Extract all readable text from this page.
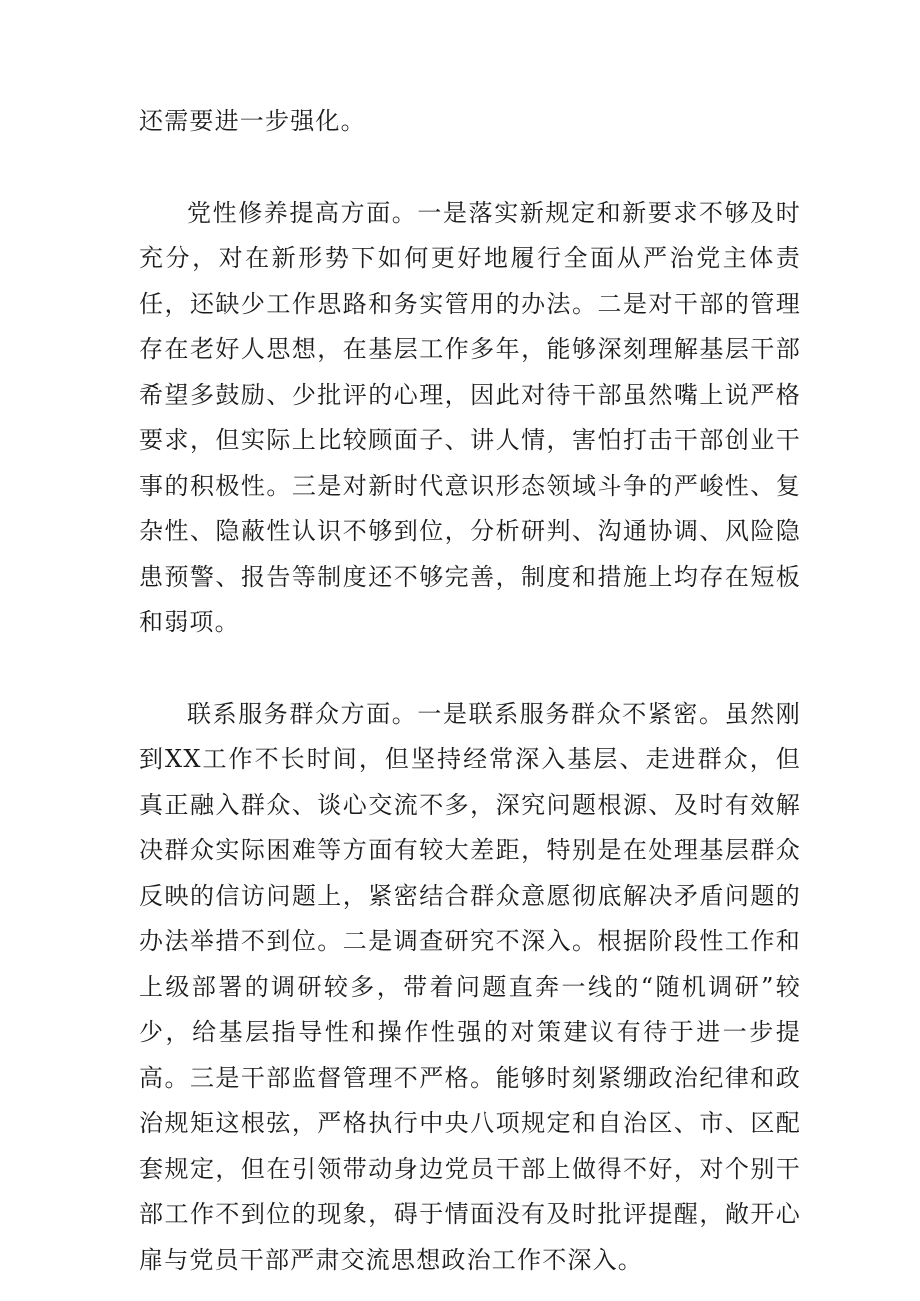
还需要进一步强化。

党性修养提高方面。一是落实新规定和新要求不够及时充分，对在新形势下如何更好地履行全面从严治党主体责任，还缺少工作思路和务实管用的办法。二是对干部的管理存在老好人思想，在基层工作多年，能够深刻理解基层干部希望多鼓励、少批评的心理，因此对待干部虽然嘴上说严格要求，但实际上比较顾面子、讲人情，害怕打击干部创业干事的积极性。三是对新时代意识形态领域斗争的严峻性、复杂性、隐蔽性认识不够到位，分析研判、沟通协调、风险隐患预警、报告等制度还不够完善，制度和措施上均存在短板和弱项。

联系服务群众方面。一是联系服务群众不紧密。虽然刚到XX工作不长时间，但坚持经常深入基层、走进群众，但真正融入群众、谈心交流不多，深究问题根源、及时有效解决群众实际困难等方面有较大差距，特别是在处理基层群众反映的信访问题上，紧密结合群众意愿彻底解决矛盾问题的办法举措不到位。二是调查研究不深入。根据阶段性工作和上级部署的调研较多，带着问题直奔一线的“随机调研”较少，给基层指导性和操作性强的对策建议有待于进一步提高。三是干部监督管理不严格。能够时刻紧绷政治纪律和政治规矩这根弦，严格执行中央八项规定和自治区、市、区配套规定，但在引领带动身边党员干部上做得不好，对个别干部工作不到位的现象，碍于情面没有及时批评提醒，敞开心扉与党员干部严肃交流思想政治工作不深入。
